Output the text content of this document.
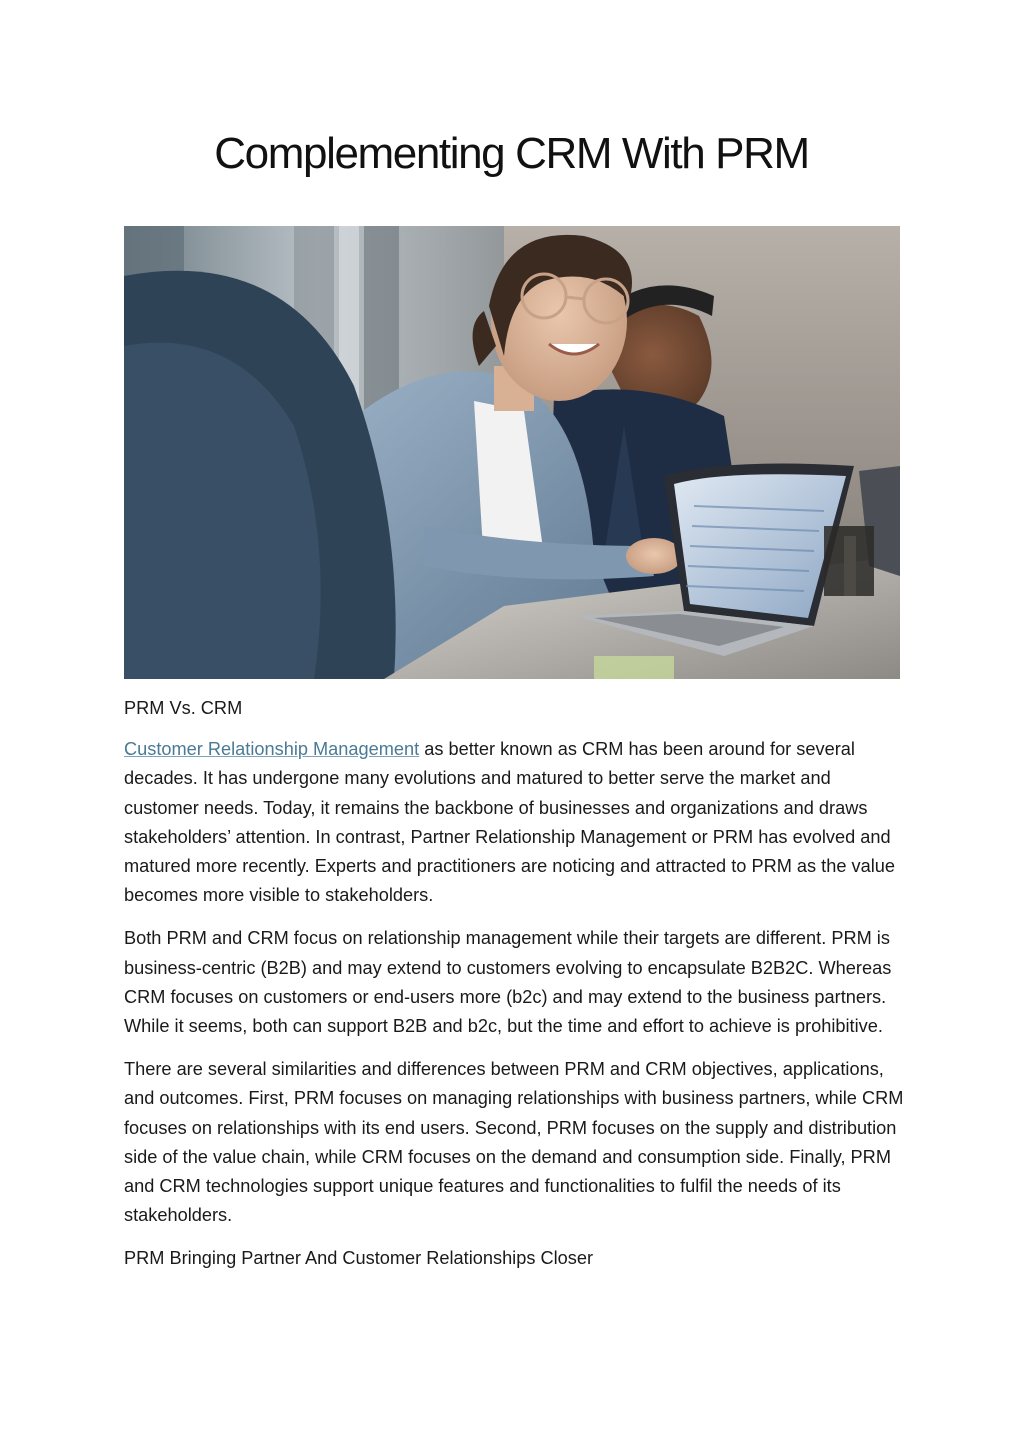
Complementing CRM With PRM

PRM Vs. CRM

Customer Relationship Management as better known as CRM has been around for several decades. It has undergone many evolutions and matured to better serve the market and customer needs. Today, it remains the backbone of businesses and organizations and draws stakeholders’ attention. In contrast, Partner Relationship Management or PRM has evolved and matured more recently. Experts and practitioners are noticing and attracted to PRM as the value becomes more visible to stakeholders.

Both PRM and CRM focus on relationship management while their targets are different. PRM is business-centric (B2B) and may extend to customers evolving to encapsulate B2B2C. Whereas CRM focuses on customers or end-users more (b2c) and may extend to the business partners. While it seems, both can support B2B and b2c, but the time and effort to achieve is prohibitive.

There are several similarities and differences between PRM and CRM objectives, applications, and outcomes. First, PRM focuses on managing relationships with business partners, while CRM focuses on relationships with its end users. Second, PRM focuses on the supply and distribution side of the value chain, while CRM focuses on the demand and consumption side. Finally, PRM and CRM technologies support unique features and functionalities to fulfil the needs of its stakeholders.

PRM Bringing Partner And Customer Relationships Closer
